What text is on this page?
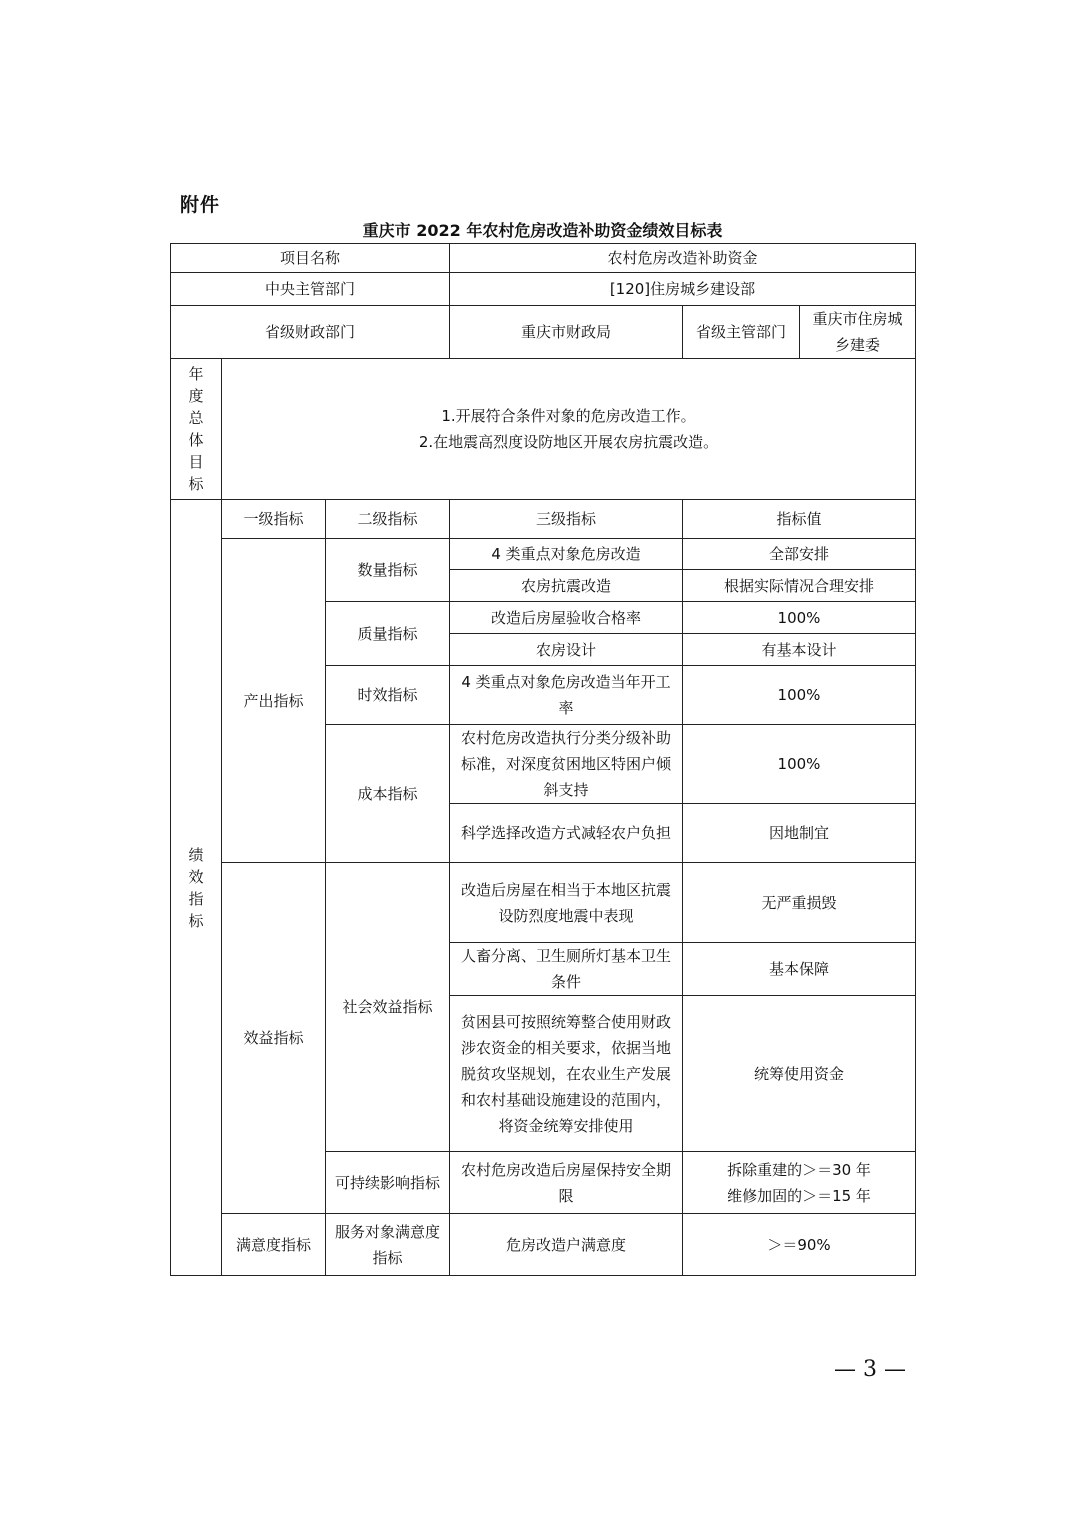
附件
重庆市 2022 年农村危房改造补助资金绩效目标表
项目名称			农村危房改造补助资金		
中央主管部门			[120]住房城乡建设部		
省级财政部门			重庆市财政局	省级主管部门	重庆市住房城乡建委
年度总体目标	1.开展符合条件对象的危房改造工作。
2.在地震高烈度设防地区开展农房抗震改造。				

绩效指标	一级指标	二级指标	三级指标	指标值	
	产出指标	数量指标	4 类重点对象危房改造	全部安排	
			农房抗震改造	根据实际情况合理安排	
		质量指标	改造后房屋验收合格率	100%	
			农房设计	有基本设计	
		时效指标	4 类重点对象危房改造当年开工率	100%	
		成本指标	农村危房改造执行分类分级补助标准，对深度贫困地区特困户倾斜支持	100%	
			科学选择改造方式减轻农户负担	因地制宜	
	效益指标	社会效益指标	改造后房屋在相当于本地区抗震设防烈度地震中表现	无严重损毁	
			人畜分离、卫生厕所灯基本卫生条件	基本保障	
			贫困县可按照统筹整合使用财政涉农资金的相关要求，依据当地脱贫攻坚规划，在农业生产发展和农村基础设施建设的范围内，将资金统筹安排使用	统筹使用资金	
		可持续影响指标	农村危房改造后房屋保持安全期限	拆除重建的＞＝30 年
维修加固的＞＝15 年	

	满意度指标	服务对象满意度指标	危房改造户满意度	＞＝90%	
— 3 —
